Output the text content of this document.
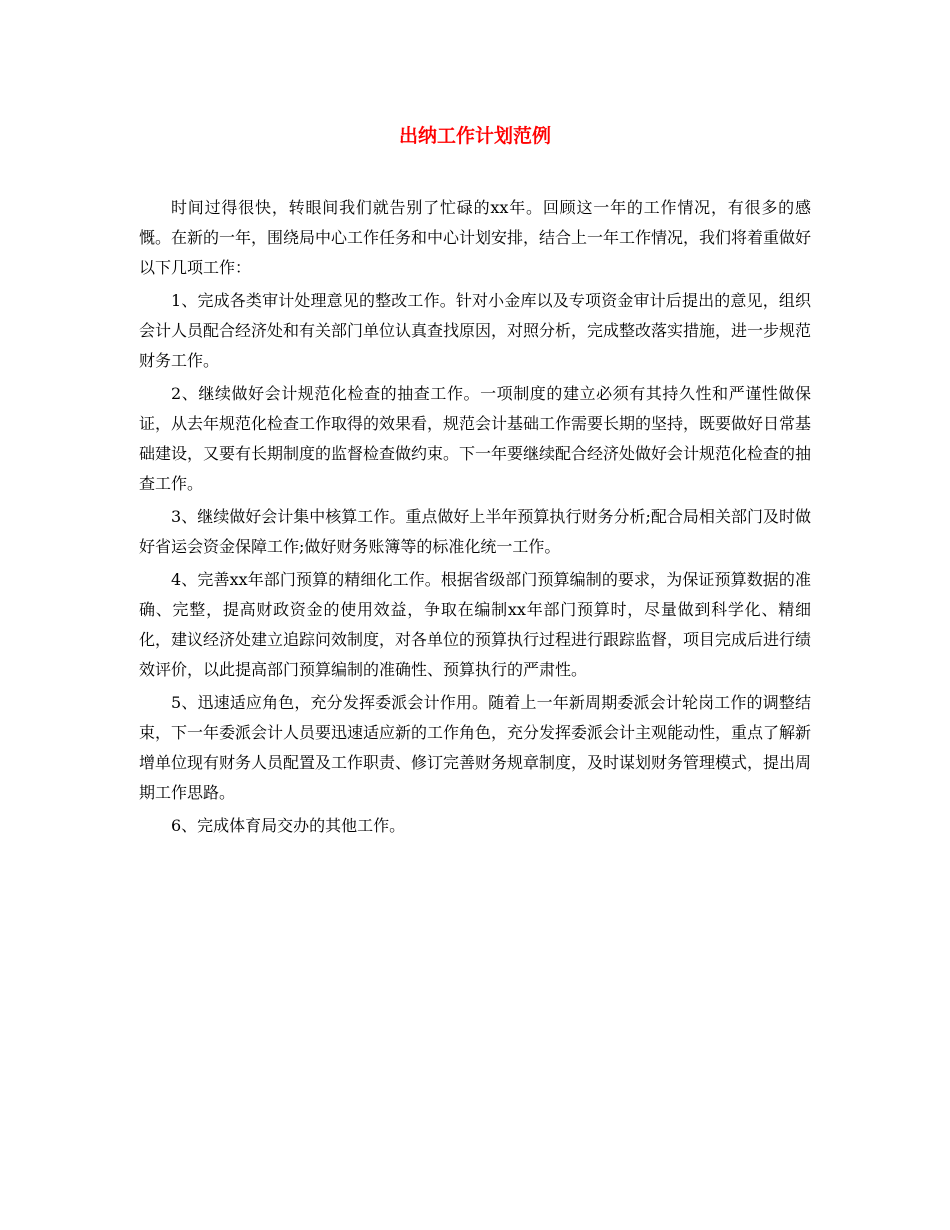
出纳工作计划范例

时间过得很快，转眼间我们就告别了忙碌的xx年。回顾这一年的工作情况，有很多的感慨。在新的一年，围绕局中心工作任务和中心计划安排，结合上一年工作情况，我们将着重做好以下几项工作：

1、完成各类审计处理意见的整改工作。针对小金库以及专项资金审计后提出的意见，组织会计人员配合经济处和有关部门单位认真查找原因，对照分析，完成整改落实措施，进一步规范财务工作。

2、继续做好会计规范化检查的抽查工作。一项制度的建立必须有其持久性和严谨性做保证，从去年规范化检查工作取得的效果看，规范会计基础工作需要长期的坚持，既要做好日常基础建设，又要有长期制度的监督检查做约束。下一年要继续配合经济处做好会计规范化检查的抽查工作。

3、继续做好会计集中核算工作。重点做好上半年预算执行财务分析;配合局相关部门及时做好省运会资金保障工作;做好财务账簿等的标准化统一工作。

4、完善xx年部门预算的精细化工作。根据省级部门预算编制的要求，为保证预算数据的准确、完整，提高财政资金的使用效益，争取在编制xx年部门预算时，尽量做到科学化、精细化，建议经济处建立追踪问效制度，对各单位的预算执行过程进行跟踪监督，项目完成后进行绩效评价，以此提高部门预算编制的准确性、预算执行的严肃性。

5、迅速适应角色，充分发挥委派会计作用。随着上一年新周期委派会计轮岗工作的调整结束，下一年委派会计人员要迅速适应新的工作角色，充分发挥委派会计主观能动性，重点了解新增单位现有财务人员配置及工作职责、修订完善财务规章制度，及时谋划财务管理模式，提出周期工作思路。

6、完成体育局交办的其他工作。
